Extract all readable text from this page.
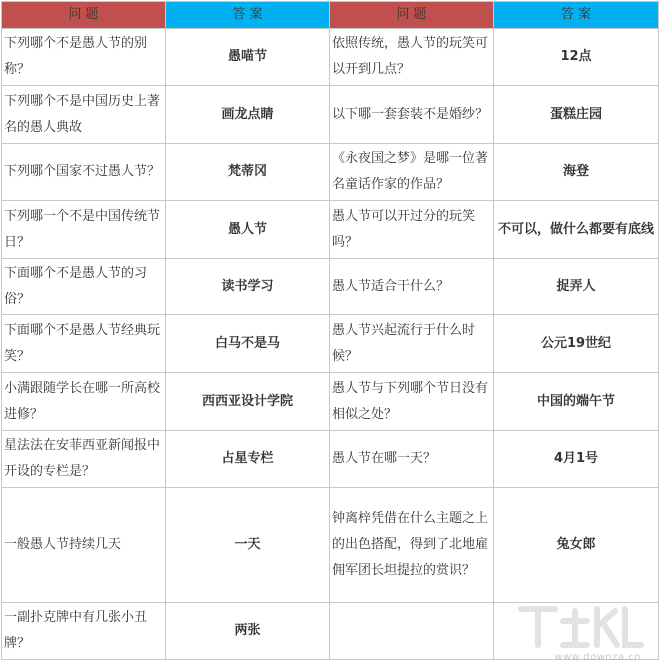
问 题	答 案	问 题	答 案
下列哪个不是愚人节的别称？	愚喵节	依照传统，愚人节的玩笑可以开到几点？	12点
下列哪个不是中国历史上著名的愚人典故	画龙点睛	以下哪一套套装不是婚纱？	蛋糕庄园
下列哪个国家不过愚人节？	梵蒂冈	《永夜国之梦》是哪一位著名童话作家的作品？	海登
下列哪一个不是中国传统节日？	愚人节	愚人节可以开过分的玩笑吗？	不可以，做什么都要有底线
下面哪个不是愚人节的习俗？	读书学习	愚人节适合干什么？	捉弄人
下面哪个不是愚人节经典玩笑？	白马不是马	愚人节兴起流行于什么时候？	公元19世纪
小满跟随学长在哪一所高校进修？	西西亚设计学院	愚人节与下列哪个节日没有相似之处？	中国的端午节
星法法在安菲西亚新闻报中开设的专栏是？	占星专栏	愚人节在哪一天？	4月1号
一般愚人节持续几天	一天	钟离梓凭借在什么主题之上的出色搭配，得到了北地雇佣军团长坦提拉的赏识？	兔女郎
一副扑克牌中有几张小丑牌？	两张		
www.downza.cn
